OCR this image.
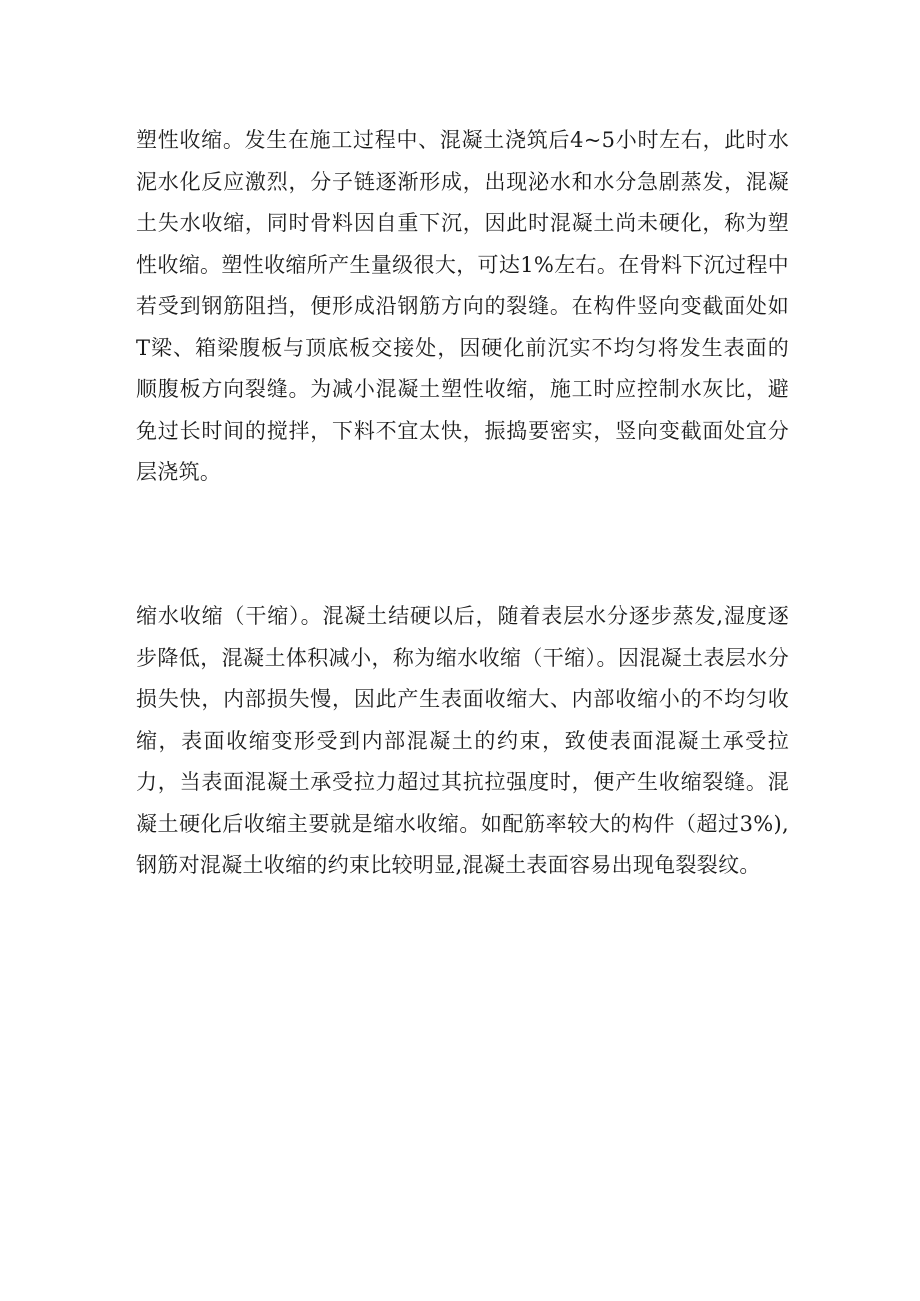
塑性收缩。发生在施工过程中、混凝土浇筑后4~5小时左右，此时水泥水化反应激烈，分子链逐渐形成，出现泌水和水分急剧蒸发，混凝土失水收缩，同时骨料因自重下沉，因此时混凝土尚未硬化，称为塑性收缩。塑性收缩所产生量级很大，可达1%左右。在骨料下沉过程中若受到钢筋阻挡，便形成沿钢筋方向的裂缝。在构件竖向变截面处如T梁、箱梁腹板与顶底板交接处，因硬化前沉实不均匀将发生表面的顺腹板方向裂缝。为减小混凝土塑性收缩，施工时应控制水灰比，避免过长时间的搅拌，下料不宜太快，振捣要密实，竖向变截面处宜分层浇筑。

缩水收缩（干缩）。混凝土结硬以后，随着表层水分逐步蒸发,湿度逐步降低，混凝土体积减小，称为缩水收缩（干缩）。因混凝土表层水分损失快，内部损失慢，因此产生表面收缩大、内部收缩小的不均匀收缩，表面收缩变形受到内部混凝土的约束，致使表面混凝土承受拉力，当表面混凝土承受拉力超过其抗拉强度时，便产生收缩裂缝。混凝土硬化后收缩主要就是缩水收缩。如配筋率较大的构件（超过3%),钢筋对混凝土收缩的约束比较明显,混凝土表面容易出现龟裂裂纹。
